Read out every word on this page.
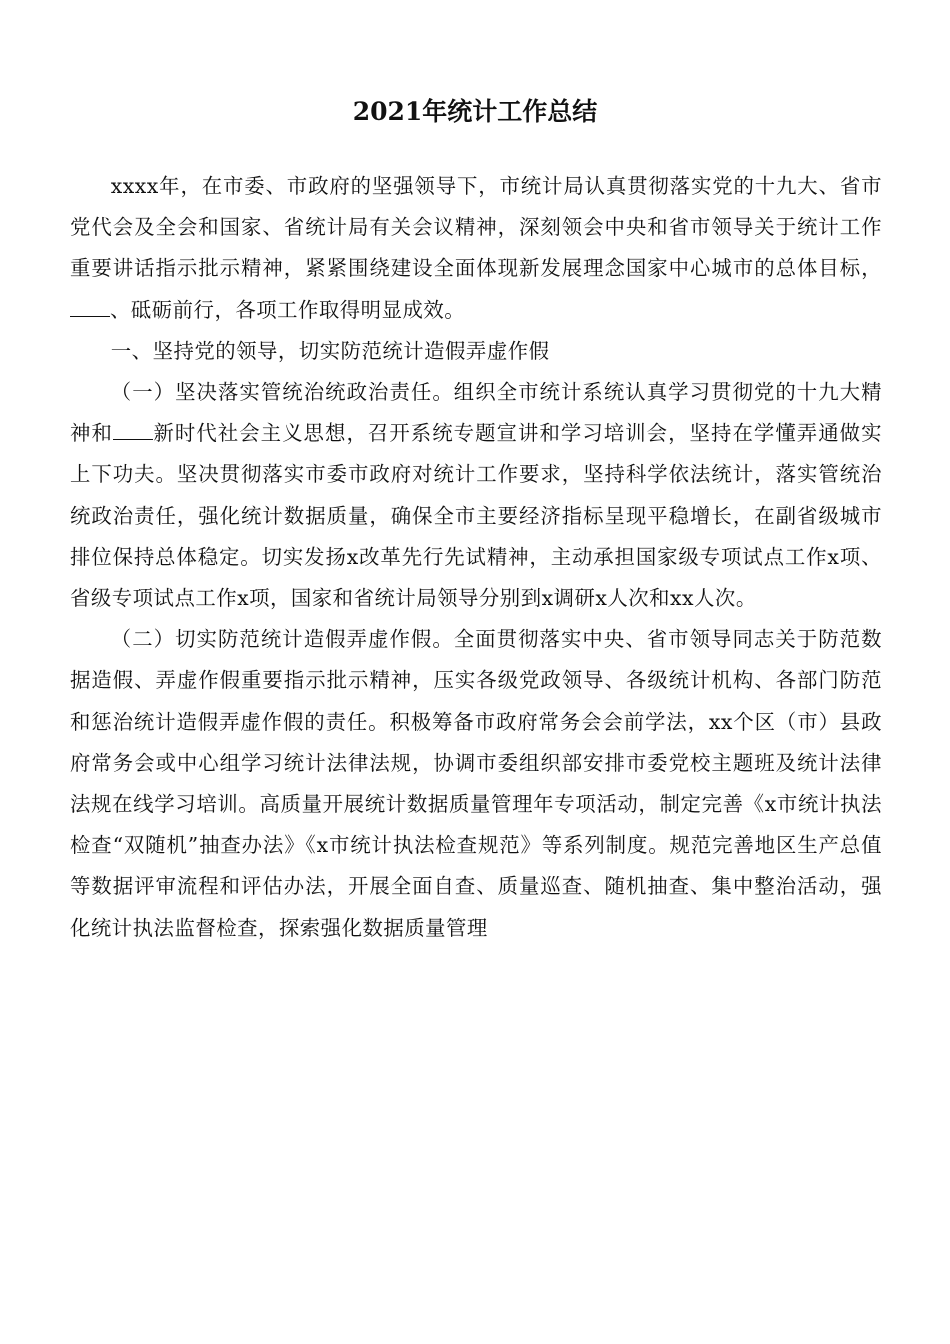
2021年统计工作总结

xxxx年，在市委、市政府的坚强领导下，市统计局认真贯彻落实党的十九大、省市党代会及全会和国家、省统计局有关会议精神，深刻领会中央和省市领导关于统计工作重要讲话指示批示精神，紧紧围绕建设全面体现新发展理念国家中心城市的总体目标，、砥砺前行，各项工作取得明显成效。

一、坚持党的领导，切实防范统计造假弄虚作假

（一）坚决落实管统治统政治责任。组织全市统计系统认真学习贯彻党的十九大精神和 新时代社会主义思想，召开系统专题宣讲和学习培训会，坚持在学懂弄通做实上下功夫。坚决贯彻落实市委市政府对统计工作要求，坚持科学依法统计，落实管统治统政治责任，强化统计数据质量，确保全市主要经济指标呈现平稳增长，在副省级城市排位保持总体稳定。切实发扬x改革先行先试精神，主动承担国家级专项试点工作x项、省级专项试点工作x项，国家和省统计局领导分别到x调研x人次和xx人次。

（二）切实防范统计造假弄虚作假。全面贯彻落实中央、省市领导同志关于防范数据造假、弄虚作假重要指示批示精神，压实各级党政领导、各级统计机构、各部门防范和惩治统计造假弄虚作假的责任。积极筹备市政府常务会会前学法，xx个区（市）县政府常务会或中心组学习统计法律法规，协调市委组织部安排市委党校主题班及统计法律法规在线学习培训。高质量开展统计数据质量管理年专项活动，制定完善《x市统计执法检查“双随机”抽查办法》《x市统计执法检查规范》等系列制度。规范完善地区生产总值等数据评审流程和评估办法，开展全面自查、质量巡查、随机抽查、集中整治活动，强化统计执法监督检查，探索强化数据质量管理
